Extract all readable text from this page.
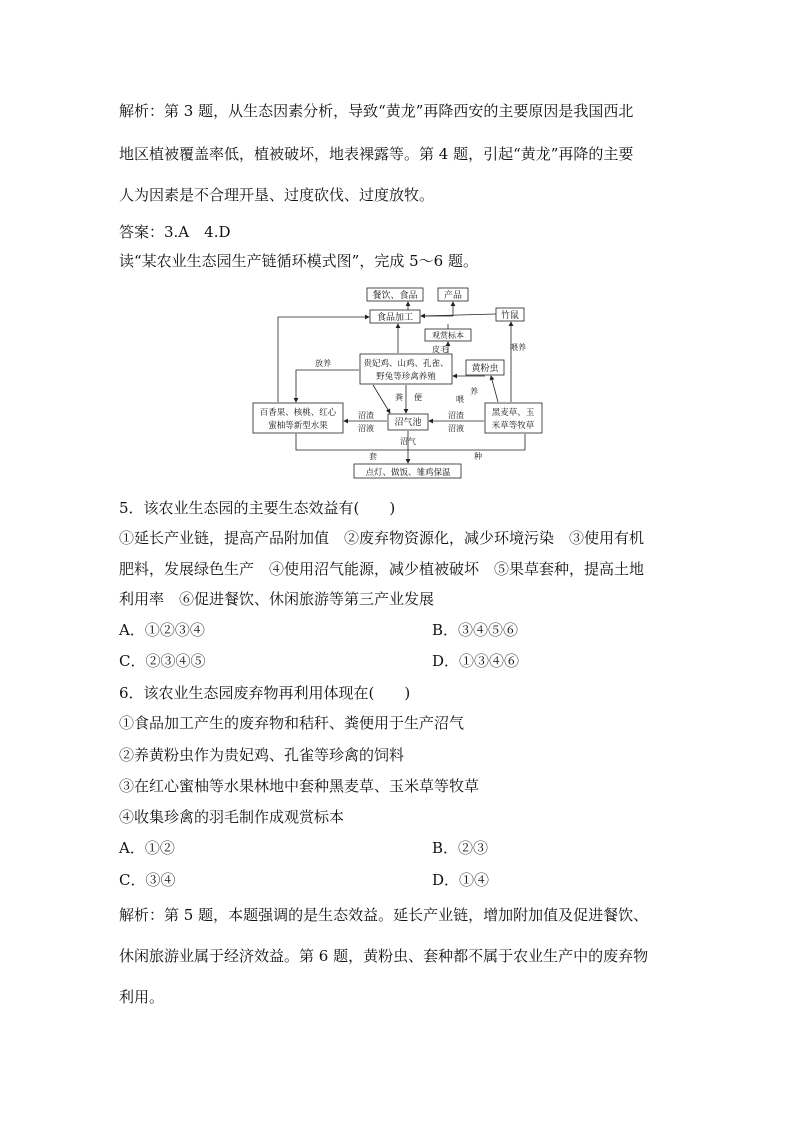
解析：第 3 题，从生态因素分析，导致“黄龙”再降西安的主要原因是我国西北
地区植被覆盖率低，植被破坏，地表裸露等。第 4 题，引起“黄龙”再降的主要
人为因素是不合理开垦、过度砍伐、过度放牧。
答案：3.A　4.D
读“某农业生态园生产链循环模式图”，完成 5～6 题。
餐饮、食品	产品
食品加工	竹鼠
观赏标本
贵妃鸡、山鸡、孔雀、
野兔等珍禽养殖
黄粉虫
百香果、核桃、红心
蜜柚等新型水果	沼气池
黑麦草、玉
米草等牧草
点灯、做饭、雏鸡保温
放养
喂养
皮毛
养
喂
粪 便
沼渣
沼液
沼渣
沼液
沼气
套	种
5．该农业生态园的主要生态效益有(　　)
①延长产业链，提高产品附加值　②废弃物资源化，减少环境污染　③使用有机
肥料，发展绿色生产　④使用沼气能源，减少植被破坏　⑤果草套种，提高土地
利用率　⑥促进餐饮、休闲旅游等第三产业发展
A．①②③④	B．③④⑤⑥
C．②③④⑤	D．①③④⑥
6．该农业生态园废弃物再利用体现在(　　)
①食品加工产生的废弃物和秸秆、粪便用于生产沼气
②养黄粉虫作为贵妃鸡、孔雀等珍禽的饲料
③在红心蜜柚等水果林地中套种黑麦草、玉米草等牧草
④收集珍禽的羽毛制作成观赏标本
A．①②	B．②③
C．③④	D．①④
解析：第 5 题，本题强调的是生态效益。延长产业链，增加附加值及促进餐饮、
休闲旅游业属于经济效益。第 6 题，黄粉虫、套种都不属于农业生产中的废弃物
利用。
